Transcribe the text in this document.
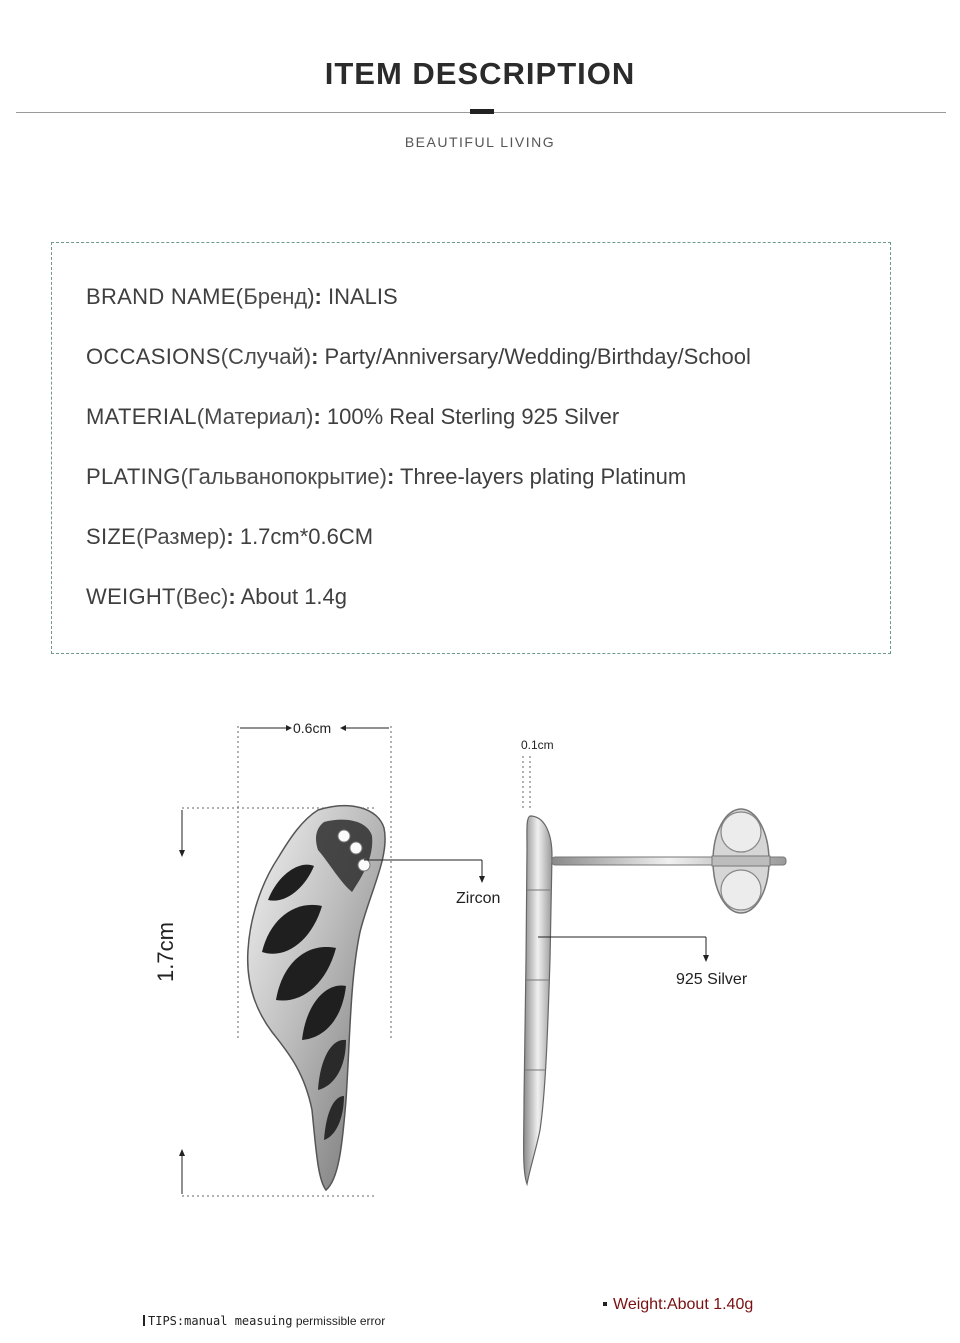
ITEM DESCRIPTION
BEAUTIFUL LIVING
BRAND NAME(Бренд): INALIS
OCCASIONS(Случай): Party/Anniversary/Wedding/Birthday/School
MATERIAL(Материал): 100% Real Sterling 925 Silver
PLATING(Гальванопокрытие): Three-layers plating Platinum
SIZE(Размер): 1.7cm*0.6CM
WEIGHT(Вес): About 1.4g
0.6cm
0.1cm
1.7cm
Zircon
925 Silver
Weight:About 1.40g
TIPS:manual measuing permissible error
